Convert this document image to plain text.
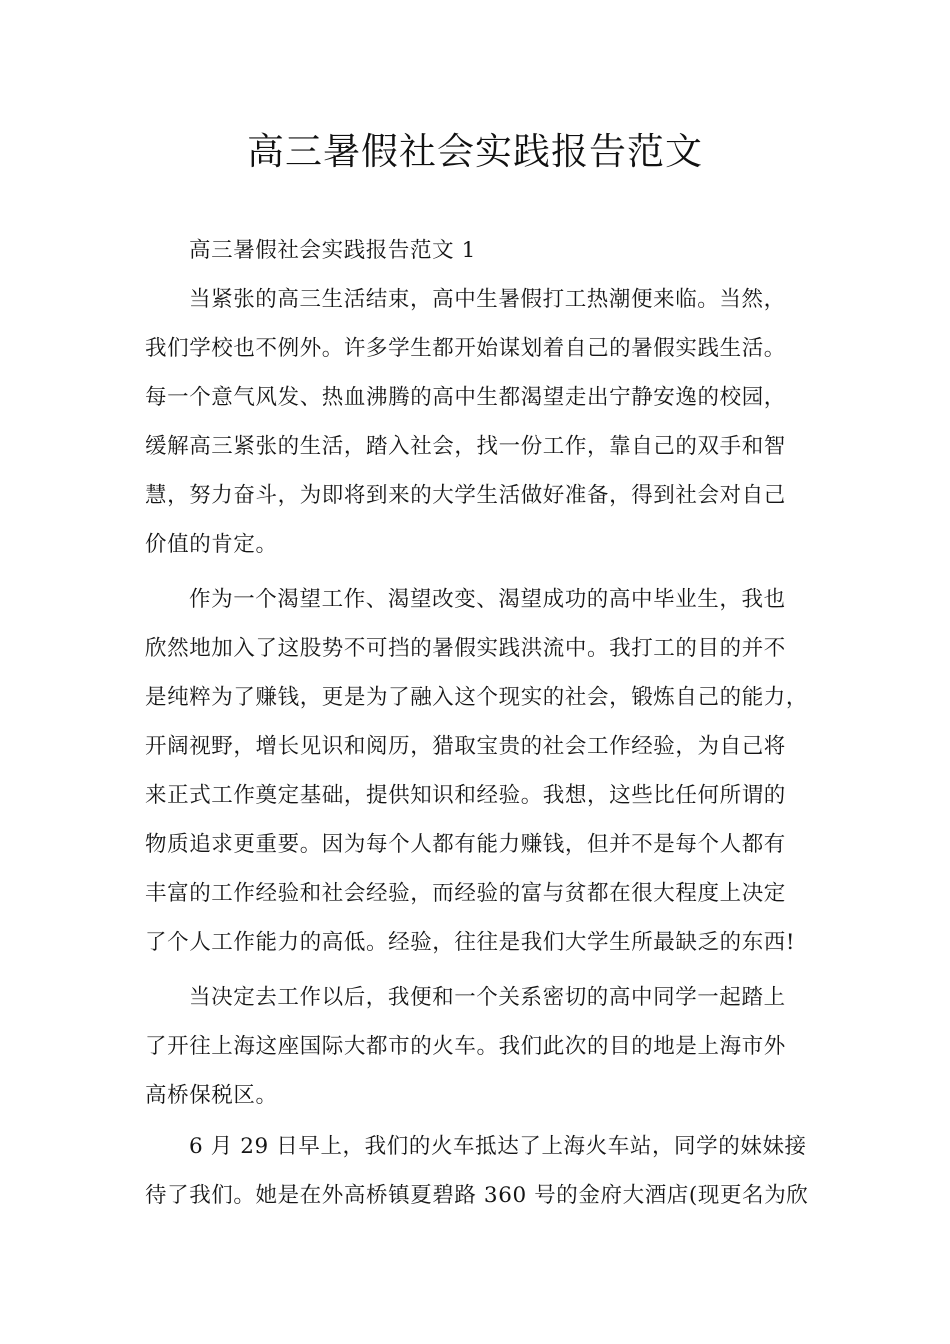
高三暑假社会实践报告范文
高三暑假社会实践报告范文 1
当紧张的高三生活结束，高中生暑假打工热潮便来临。当然，
我们学校也不例外。许多学生都开始谋划着自己的暑假实践生活。
每一个意气风发、热血沸腾的高中生都渴望走出宁静安逸的校园，
缓解高三紧张的生活，踏入社会，找一份工作，靠自己的双手和智
慧，努力奋斗，为即将到来的大学生活做好准备，得到社会对自己
价值的肯定。
作为一个渴望工作、渴望改变、渴望成功的高中毕业生，我也
欣然地加入了这股势不可挡的暑假实践洪流中。我打工的目的并不
是纯粹为了赚钱，更是为了融入这个现实的社会，锻炼自己的能力，
开阔视野，增长见识和阅历，猎取宝贵的社会工作经验，为自己将
来正式工作奠定基础，提供知识和经验。我想，这些比任何所谓的
物质追求更重要。因为每个人都有能力赚钱，但并不是每个人都有
丰富的工作经验和社会经验，而经验的富与贫都在很大程度上决定
了个人工作能力的高低。经验，往往是我们大学生所最缺乏的东西!
当决定去工作以后，我便和一个关系密切的高中同学一起踏上
了开往上海这座国际大都市的火车。我们此次的目的地是上海市外
高桥保税区。
6 月 29 日早上，我们的火车抵达了上海火车站，同学的妹妹接
待了我们。她是在外高桥镇夏碧路 360 号的金府大酒店(现更名为欣
